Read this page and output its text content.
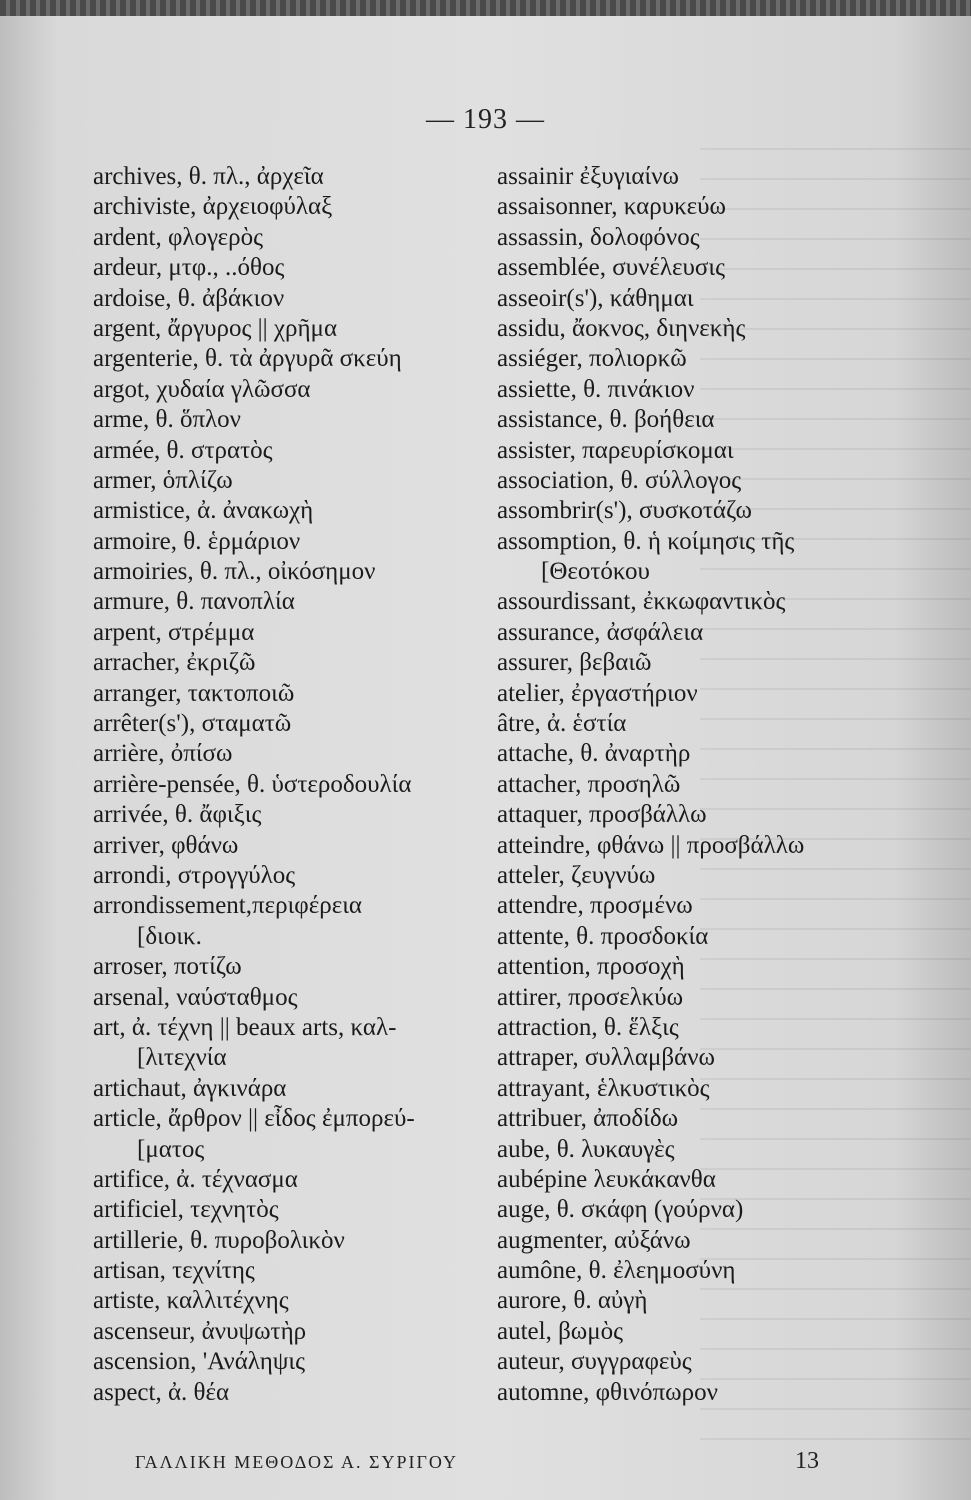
— 193 —
archives, θ. πλ., ἀρχεῖα
archiviste, ἀρχειοφύλαξ
ardent, φλογερὸς
ardeur, μτφ., ..όθος
ardoise, θ. ἀβάκιον
argent, ἄργυρος || χρῆμα
argenterie, θ. τὰ ἀργυρᾶ σκεύη
argot, χυδαία γλῶσσα
arme, θ. ὅπλον
armée, θ. στρατὸς
armer, ὁπλίζω
armistice, ἀ. ἀνακωχὴ
armoire, θ. ἑρμάριον
armoiries, θ. πλ., οἰκόσημον
armure, θ. πανοπλία
arpent, στρέμμα
arracher, ἐκριζῶ
arranger, τακτοποιῶ
arrêter(s'), σταματῶ
arrière, ὀπίσω
arrière-pensée, θ. ὑστεροδουλία
arrivée, θ. ἄφιξις
arriver, φθάνω
arrondi, στρογγύλος
arrondissement,περιφέρεια
[διοικ.
arroser, ποτίζω
arsenal, ναύσταθμος
art, ἀ. τέχνη || beaux arts, καλ-
[λιτεχνία
artichaut, ἀγκινάρα
article, ἄρθρον || εἶδος ἐμπορεύ-
[ματος
artifice, ἀ. τέχνασμα
artificiel, τεχνητὸς
artillerie, θ. πυροβολικὸν
artisan, τεχνίτης
artiste, καλλιτέχνης
ascenseur, ἀνυψωτὴρ
ascension, 'Ανάληψις
aspect, ἀ. θέα
assainir ἐξυγιαίνω
assaisonner, καρυκεύω
assassin, δολοφόνος
assemblée, συνέλευσις
asseoir(s'), κάθημαι
assidu, ἄοκνος, διηνεκὴς
assiéger, πολιορκῶ
assiette, θ. πινάκιον
assistance, θ. βοήθεια
assister, παρευρίσκομαι
association, θ. σύλλογος
assombrir(s'), συσκοτάζω
assomption, θ. ἡ κοίμησις τῆς
[Θεοτόκου
assourdissant, ἐκκωφαντικὸς
assurance, ἀσφάλεια
assurer, βεβαιῶ
atelier, ἐργαστήριον
âtre, ἀ. ἑστία
attache, θ. ἀναρτὴρ
attacher, προσηλῶ
attaquer, προσβάλλω
atteindre, φθάνω || προσβάλλω
atteler, ζευγνύω
attendre, προσμένω
attente, θ. προσδοκία
attention, προσοχὴ
attirer, προσελκύω
attraction, θ. ἕλξις
attraper, συλλαμβάνω
attrayant, ἑλκυστικὸς
attribuer, ἀποδίδω
aube, θ. λυκαυγὲς
aubépine λευκάκανθα
auge, θ. σκάφη (γούρνα)
augmenter, αὐξάνω
aumône, θ. ἐλεημοσύνη
aurore, θ. αὐγὴ
autel, βωμὸς
auteur, συγγραφεὺς
automne, φθινόπωρον
ΓΑΛΛΙΚΗ ΜΕΘΟΔΟΣ Α. ΣΥΡΙΓΟΥ	13
